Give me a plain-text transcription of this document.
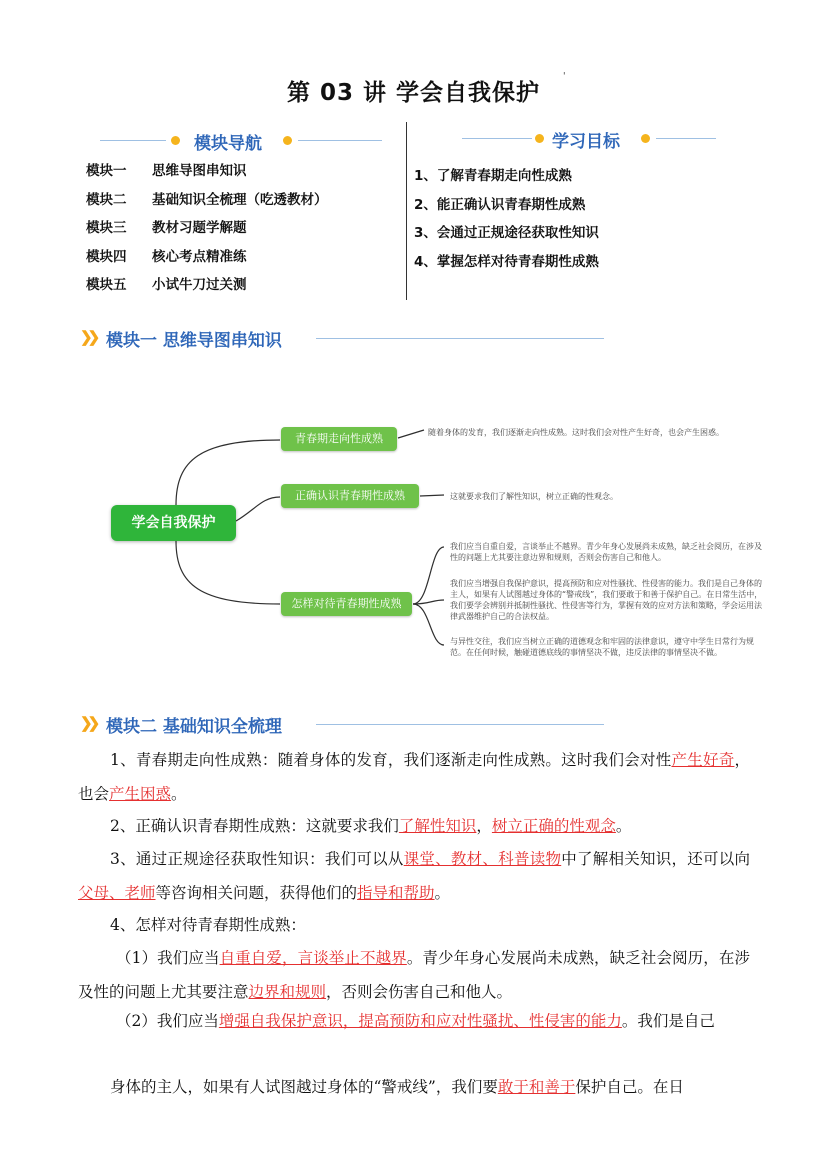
第 03 讲 学会自我保护
'
模块导航
模块一 思维导图串知识
模块二 基础知识全梳理（吃透教材）
模块三 教材习题学解题
模块四 核心考点精准练
模块五 小试牛刀过关测
学习目标
1、了解青春期走向性成熟
2、能正确认识青春期性成熟
3、会通过正规途径获取性知识
4、掌握怎样对待青春期性成熟
❯❯ 模块一 思维导图串知识
学会自我保护
青春期走向性成熟
正确认识青春期性成熟
怎样对待青春期性成熟
随着身体的发育，我们逐渐走向性成熟。这时我们会对性产生好奇，也会产生困惑。
这就要求我们了解性知识，树立正确的性观念。
我们应当自重自爱，言谈举止不越界。青少年身心发展尚未成熟，缺乏社会阅历，在涉及性的问题上尤其要注意边界和规则，否则会伤害自己和他人。
我们应当增强自我保护意识，提高预防和应对性骚扰、性侵害的能力。我们是自己身体的主人，如果有人试图越过身体的“警戒线”，我们要敢于和善于保护自己。在日常生活中，我们要学会辨别并抵制性骚扰、性侵害等行为，掌握有效的应对方法和策略，学会运用法律武器维护自己的合法权益。
与异性交往，我们应当树立正确的道德观念和牢固的法律意识，遵守中学生日常行为规范。在任何时候，触碰道德底线的事情坚决不做，违反法律的事情坚决不做。
❯❯ 模块二 基础知识全梳理
1、青春期走向性成熟：随着身体的发育，我们逐渐走向性成熟。这时我们会对性产生好奇，也会产生困惑。
2、正确认识青春期性成熟：这就要求我们了解性知识，树立正确的性观念。
3、通过正规途径获取性知识：我们可以从课堂、教材、科普读物中了解相关知识，还可以向父母、老师等咨询相关问题，获得他们的指导和帮助。
4、怎样对待青春期性成熟：
（1）我们应当自重自爱，言谈举止不越界。青少年身心发展尚未成熟，缺乏社会阅历，在涉及性的问题上尤其要注意边界和规则，否则会伤害自己和他人。
（2）我们应当增强自我保护意识，提高预防和应对性骚扰、性侵害的能力。我们是自己
身体的主人，如果有人试图越过身体的“警戒线”，我们要敢于和善于保护自己。在日
